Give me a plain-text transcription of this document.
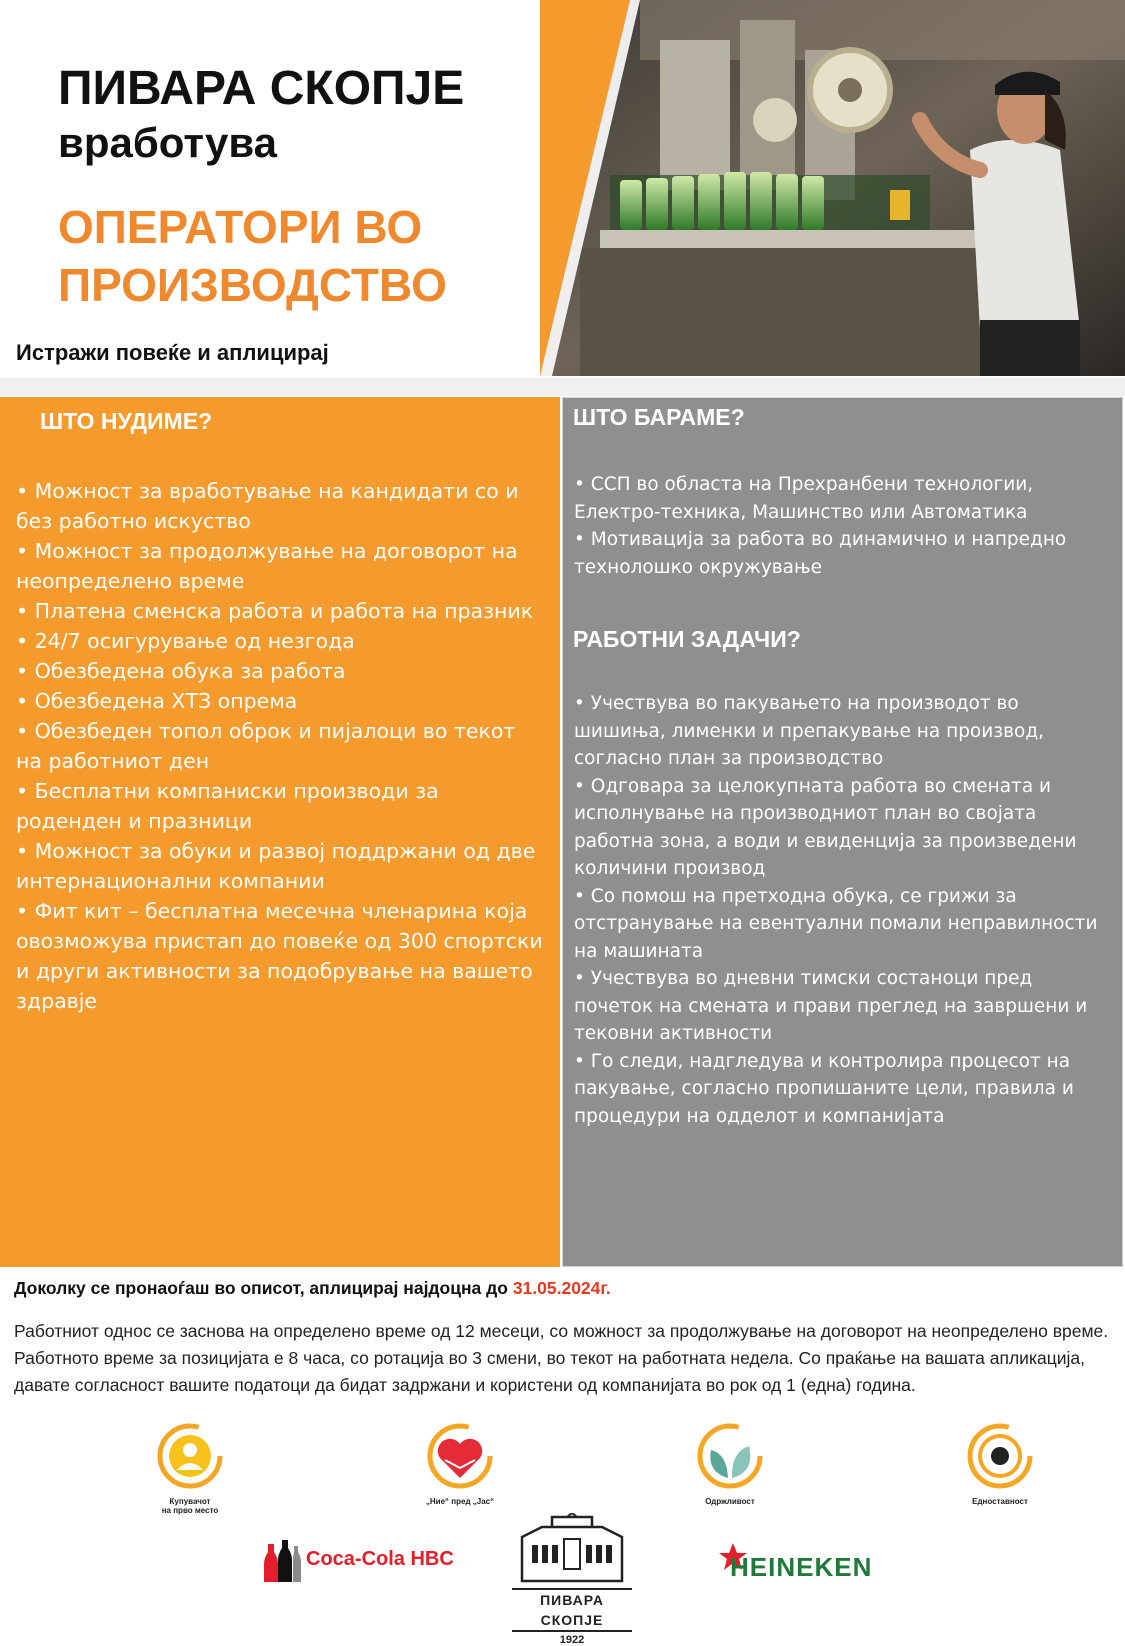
ПИВАРА СКОПЈЕ
вработува
ОПЕРАТОРИ ВО
ПРОИЗВОДСТВО
Истражи повеќе и аплицирај
ШТО НУДИМЕ?
• Можност за вработување на кандидати со и без работно искуство
• Можност за продолжување на договорот на неопределено време
• Платена сменска работа и работа на празник
• 24/7 осигурување од незгода
• Обезбедена обука за работа
• Обезбедена ХТЗ опрема
• Обезбеден топол оброк и пијалоци во текот на работниот ден
• Бесплатни компаниски производи за роденден и празници
• Можност за обуки и развој поддржани од две интернационални компании
• Фит кит – бесплатна месечна членарина која овозможува пристап до повеќе од 300 спортски и други активности за подобрување на вашето здравје
ШТО БАРАМЕ?
• ССП во областа на Прехранбени технологии, Електро-техника, Машинство или Автоматика
• Мотивација за работа во динамично и напредно технолошко окружување
РАБОТНИ ЗАДАЧИ?
• Учествува во пакувањето на производот во шишиња, лименки и препакување на производ, согласно план за производство
• Одговара за целокупната работа во смената и исполнување на производниот план во својата работна зона, а води и евиденција за произведени количини производ
• Со помош на претходна обука, се грижи за отстранување на евентуални помали неправилности на машината
• Учествува во дневни тимски состаноци пред почеток на смената и прави преглед на завршени и тековни активности
• Го следи, надгледува и контролира процесот на пакување, согласно пропишаните цели, правила и процедури на одделот и компанијата
Доколку се пронаоѓаш во описот, аплицирај најдоцна до 31.05.2024г.
Работниот однос се заснова на определено време од 12 месеци, со можност за продолжување на договорот на неопределено време. Работното време за позицијата е 8 часа, со ротација во 3 смени, во текот на работната недела. Со праќање на вашата апликација, давате согласност вашите податоци да бидат задржани и користени од компанијата во рок од 1 (една) година.
Купувачот
на прво место
„Ние“ пред „Јас“	Одржливост	Едноставност
Coca-Cola HBC
ПИВАРА СКОПЈЕ
1922
HEINEKEN
